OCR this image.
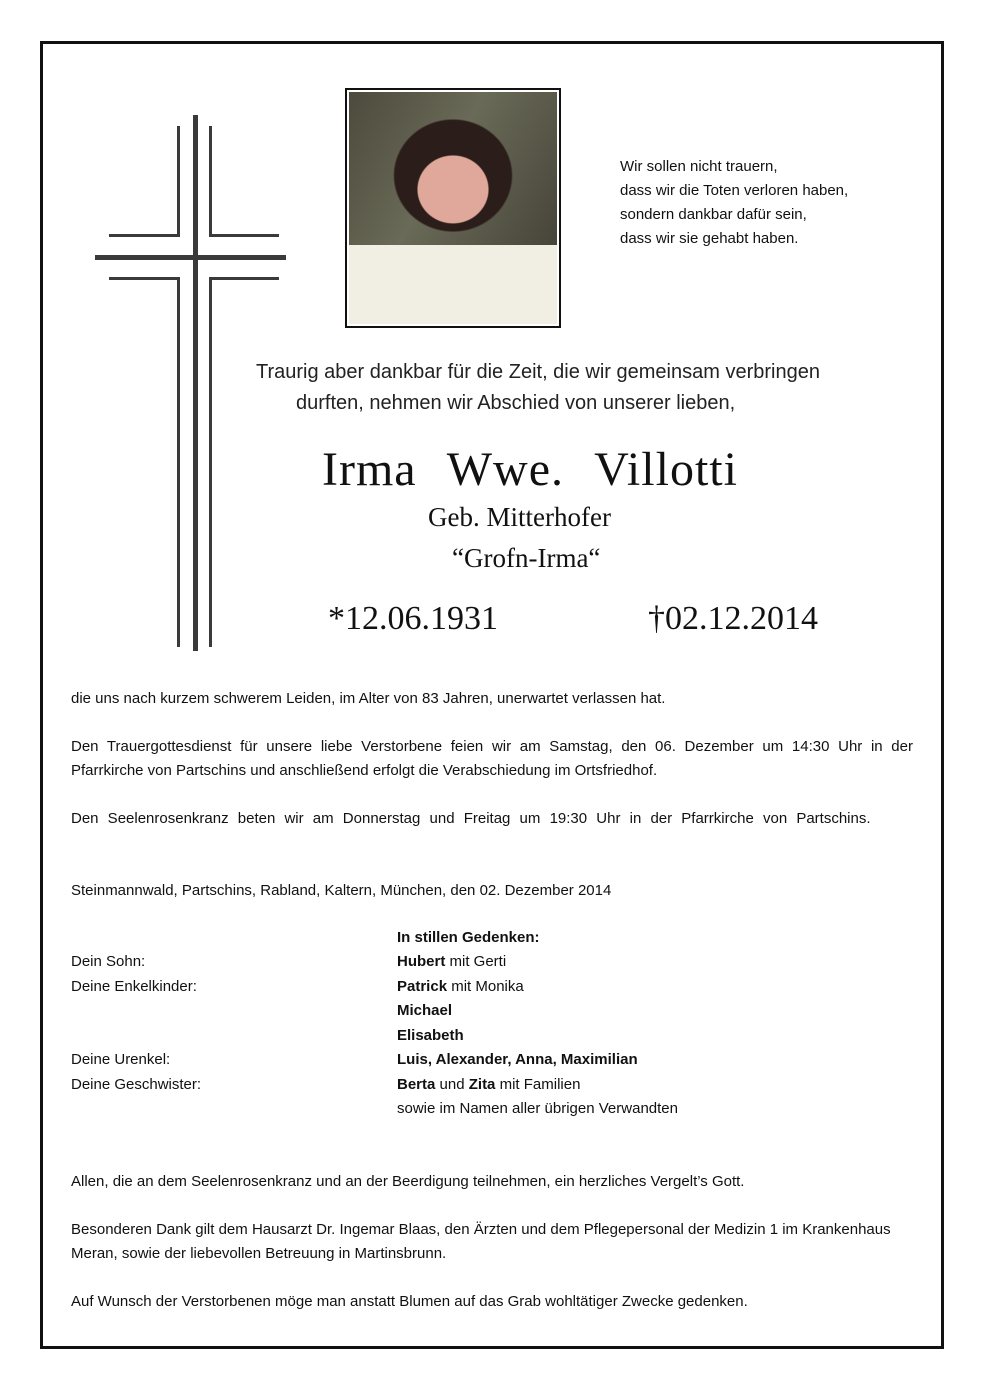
Wir sollen nicht trauern,
dass wir die Toten verloren haben,
sondern dankbar dafür sein,
dass wir sie gehabt haben.
Traurig aber dankbar für die Zeit, die wir gemeinsam verbringen
durften, nehmen wir Abschied von unserer lieben,
Irma Wwe. Villotti
Geb. Mitterhofer
“Grofn-Irma“
*12.06.1931	†02.12.2014
die uns nach kurzem schwerem Leiden, im Alter von 83 Jahren, unerwartet verlassen hat.
Den Trauergottesdienst für unsere liebe Verstorbene feien wir am Samstag, den 06. Dezember um 14:30 Uhr in der Pfarrkirche von Partschins und anschließend erfolgt die Verabschiedung im Ortsfriedhof.
Den Seelenrosenkranz beten wir am Donnerstag und Freitag um 19:30 Uhr in der Pfarrkirche von Partschins.
Steinmannwald, Partschins, Rabland, Kaltern, München, den 02. Dezember 2014
In stillen Gedenken:
Dein Sohn:	Hubert mit Gerti
Deine Enkelkinder:	Patrick mit Monika
Michael
Elisabeth
Deine Urenkel:	Luis, Alexander, Anna, Maximilian
Deine Geschwister:	Berta und Zita mit Familien
sowie im Namen aller übrigen Verwandten
Allen, die an dem Seelenrosenkranz und an der Beerdigung teilnehmen, ein herzliches Vergelt’s Gott.
Besonderen Dank gilt dem Hausarzt Dr. Ingemar Blaas, den Ärzten und dem Pflegepersonal der Medizin 1 im Krankenhaus Meran, sowie der liebevollen Betreuung in Martinsbrunn.
Auf Wunsch der Verstorbenen möge man anstatt Blumen auf das Grab wohltätiger Zwecke gedenken.
